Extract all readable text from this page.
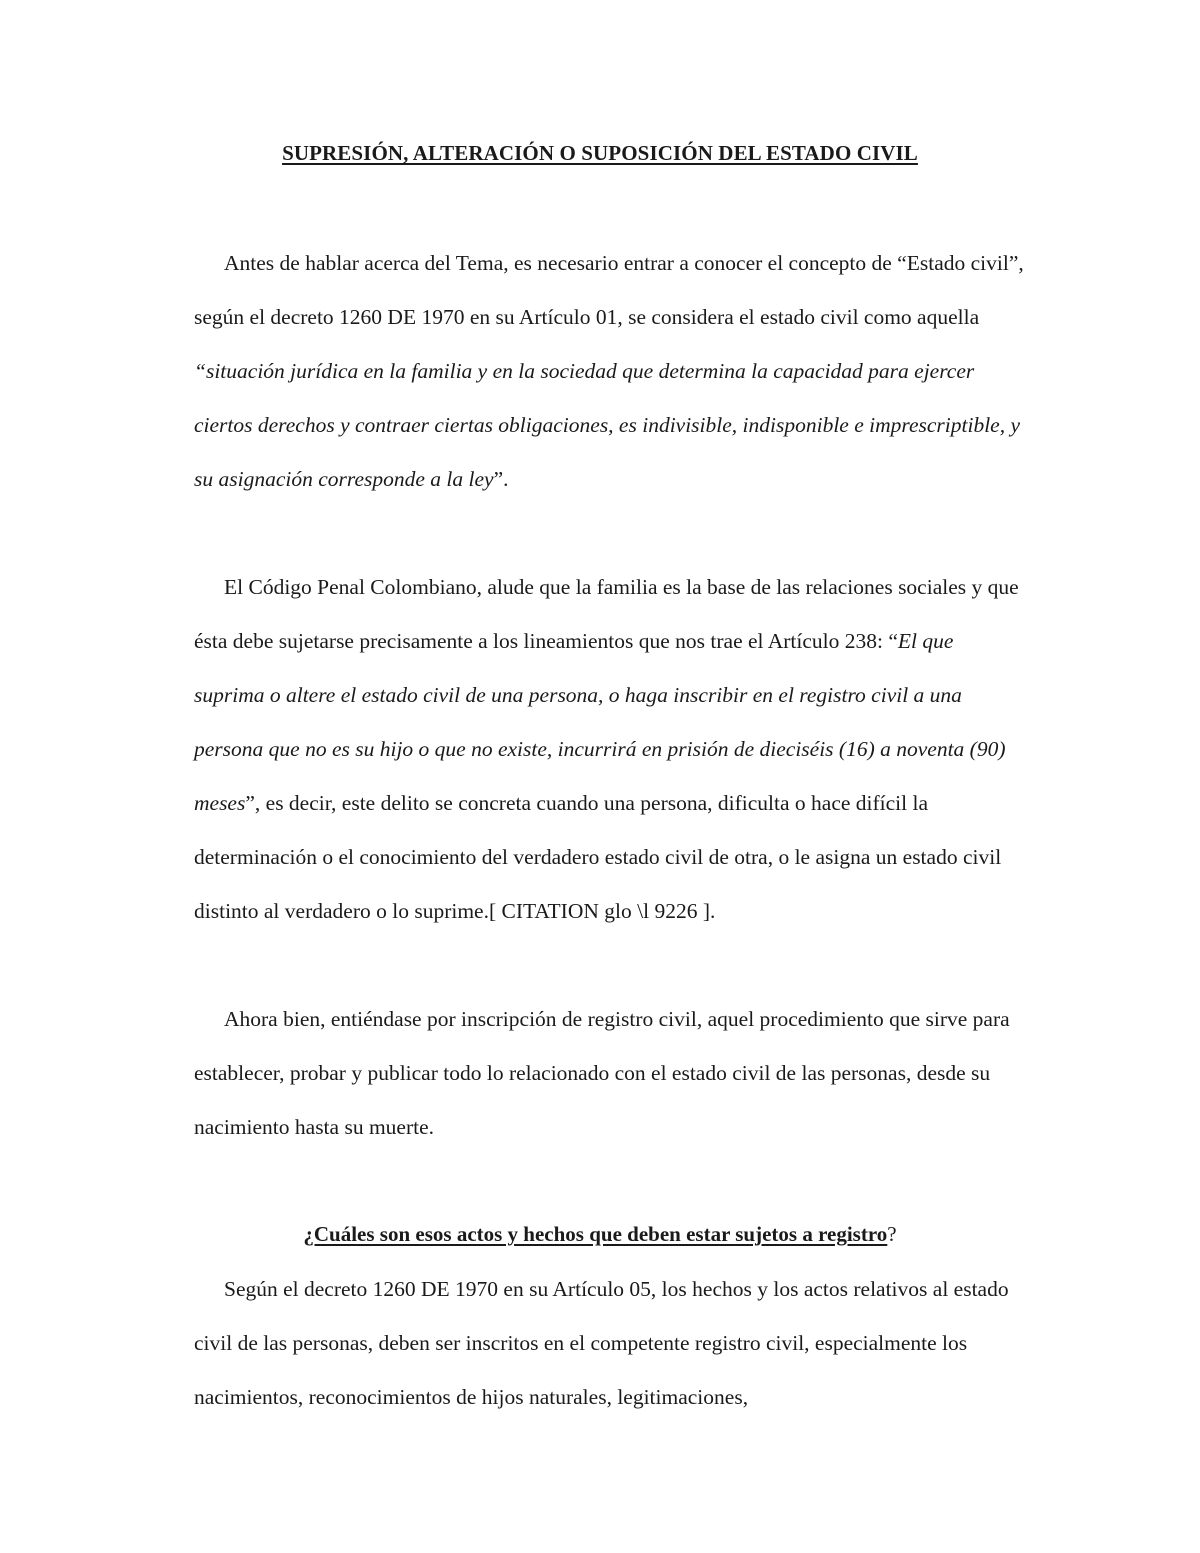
SUPRESIÓN, ALTERACIÓN O SUPOSICIÓN DEL ESTADO CIVIL

Antes de hablar acerca del Tema, es necesario entrar a conocer el concepto de “Estado civil”, según el decreto 1260 DE 1970 en su Artículo 01, se considera el estado civil como aquella “situación jurídica en la familia y en la sociedad que determina la capacidad para ejercer ciertos derechos y contraer ciertas obligaciones, es indivisible, indisponible e imprescriptible, y su asignación corresponde a la ley”.

El Código Penal Colombiano, alude que la familia es la base de las relaciones sociales y que ésta debe sujetarse precisamente a los lineamientos que nos trae el Artículo 238: “El que suprima o altere el estado civil de una persona, o haga inscribir en el registro civil a una persona que no es su hijo o que no existe, incurrirá en prisión de dieciséis (16) a noventa (90) meses”, es decir, este delito se concreta cuando una persona, dificulta o hace difícil la determinación o el conocimiento del verdadero estado civil de otra, o le asigna un estado civil distinto al verdadero o lo suprime.[ CITATION glo \l 9226 ].

Ahora bien, entiéndase por inscripción de registro civil, aquel procedimiento que sirve para establecer, probar y publicar todo lo relacionado con el estado civil de las personas, desde su nacimiento hasta su muerte.

¿Cuáles son esos actos y hechos que deben estar sujetos a registro?

Según el decreto 1260 DE 1970 en su Artículo 05, los hechos y los actos relativos al estado civil de las personas, deben ser inscritos en el competente registro civil, especialmente los nacimientos, reconocimientos de hijos naturales, legitimaciones,
